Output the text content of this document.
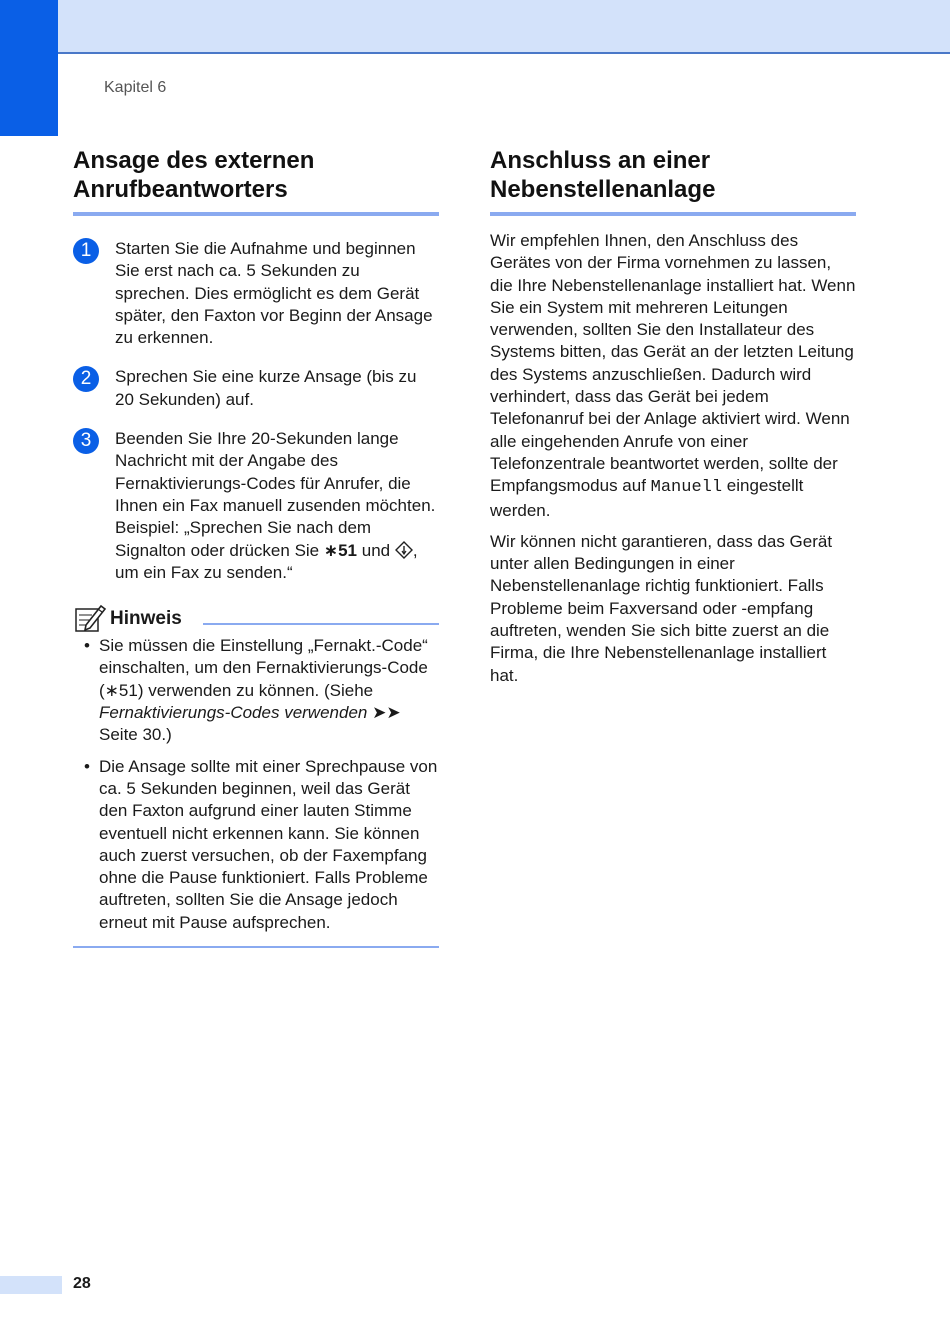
Kapitel 6
Ansage des externen Anrufbeantworters
1	Starten Sie die Aufnahme und beginnen Sie erst nach ca. 5 Sekunden zu sprechen. Dies ermöglicht es dem Gerät später, den Faxton vor Beginn der Ansage zu erkennen.
2	Sprechen Sie eine kurze Ansage (bis zu 20 Sekunden) auf.
3	Beenden Sie Ihre 20-Sekunden lange Nachricht mit der Angabe des Fernaktivierungs-Codes für Anrufer, die Ihnen ein Fax manuell zusenden möchten. Beispiel: „Sprechen Sie nach dem Signalton oder drücken Sie ∗51 und , um ein Fax zu senden.“
Hinweis
• Sie müssen die Einstellung „Fernakt.-Code“ einschalten, um den Fernaktivierungs-Code (∗51) verwenden zu können. (Siehe Fernaktivierungs-Codes verwenden ➤➤ Seite 30.)
• Die Ansage sollte mit einer Sprechpause von ca. 5 Sekunden beginnen, weil das Gerät den Faxton aufgrund einer lauten Stimme eventuell nicht erkennen kann. Sie können auch zuerst versuchen, ob der Faxempfang ohne die Pause funktioniert. Falls Probleme auftreten, sollten Sie die Ansage jedoch erneut mit Pause aufsprechen.
Anschluss an einer Nebenstellenanlage

Wir empfehlen Ihnen, den Anschluss des Gerätes von der Firma vornehmen zu lassen, die Ihre Nebenstellenanlage installiert hat. Wenn Sie ein System mit mehreren Leitungen verwenden, sollten Sie den Installateur des Systems bitten, das Gerät an der letzten Leitung des Systems anzuschließen. Dadurch wird verhindert, dass das Gerät bei jedem Telefonanruf bei der Anlage aktiviert wird. Wenn alle eingehenden Anrufe von einer Telefonzentrale beantwortet werden, sollte der Empfangsmodus auf Manuell eingestellt werden.

Wir können nicht garantieren, dass das Gerät unter allen Bedingungen in einer Nebenstellenanlage richtig funktioniert. Falls Probleme beim Faxversand oder -empfang auftreten, wenden Sie sich bitte zuerst an die Firma, die Ihre Nebenstellenanlage installiert hat.

28
